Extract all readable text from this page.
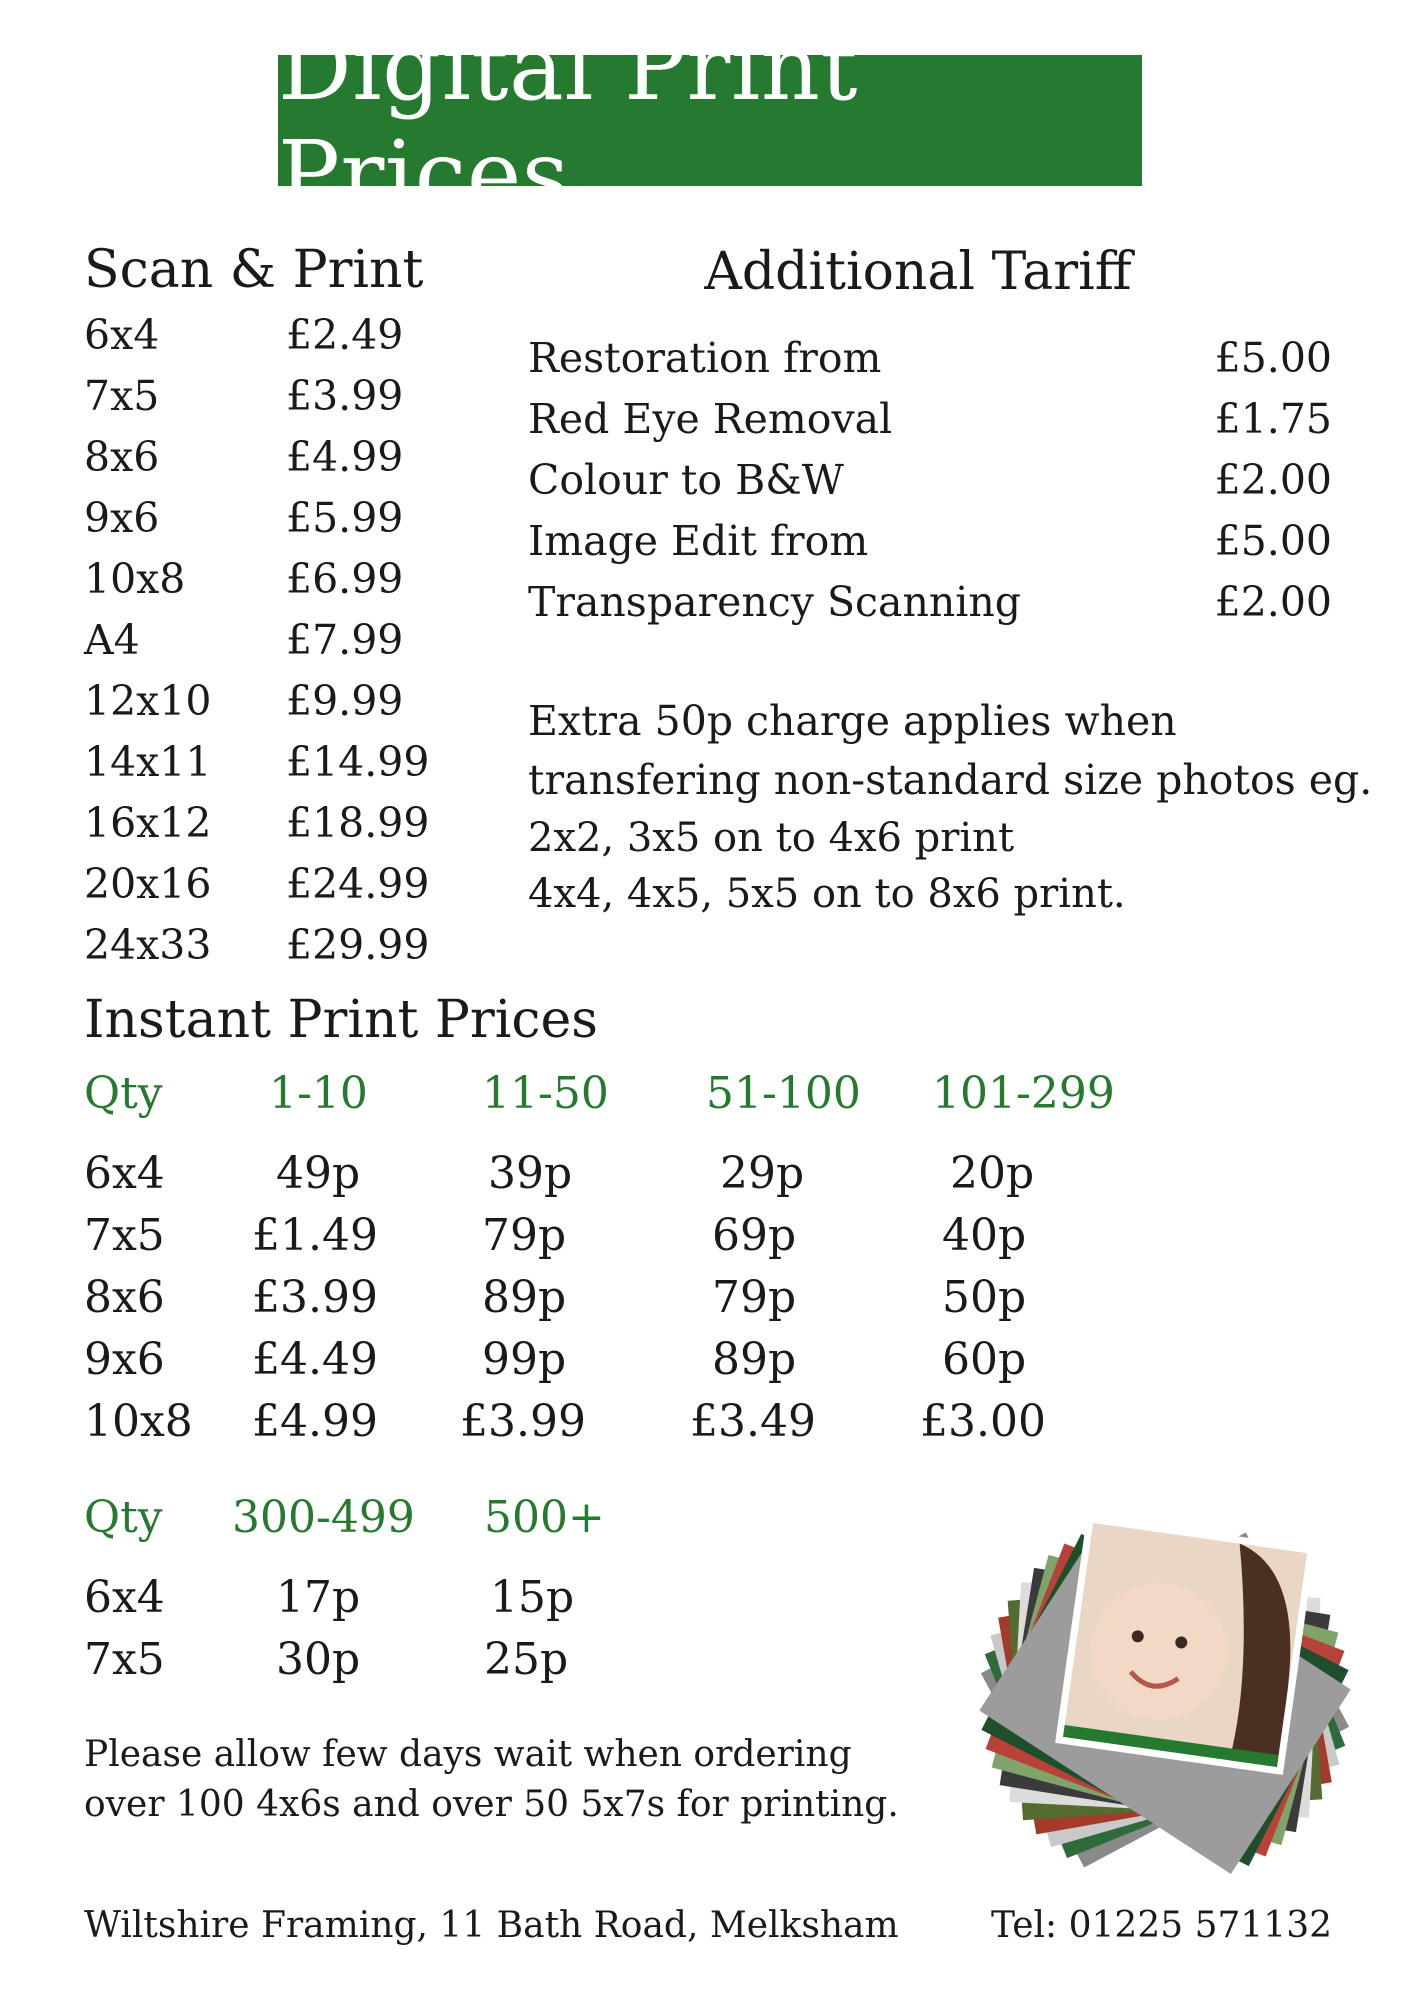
Digital Print Prices
Scan & Print
6x4	£2.49
7x5	£3.99
8x6	£4.99
9x6	£5.99
10x8 £6.99
A4	£7.99
12x10 £9.99
14x11 £14.99
16x12 £18.99
20x16 £24.99
24x33 £29.99
Additional Tariff
Restoration from	£5.00
Red Eye Removal	£1.75
Colour to B&W	£2.00
Image Edit from	£5.00
Transparency Scanning	£2.00

Extra 50p charge applies when

transfering non-standard size photos eg.

2x2, 3x5 on to 4x6 print

4x4, 4x5, 5x5 on to 8x6 print.

Instant Print Prices
Qty 1-10	11-50 51-100 101-299
6x4	49p	39p	29p	20p
7x5 £1.49 79p	69p	40p
8x6 £3.99 89p	79p	50p
9x6 £4.49 99p	89p	60p
10x8 £4.99 £3.99 £3.49 £3.00
Qty 300-499 500+
6x4	17p	15p
7x5	30p	25p
Please allow few days wait when ordering
over 100 4x6s and over 50 5x7s for printing.
Wiltshire Framing, 11 Bath Road, Melksham	Tel: 01225 571132
